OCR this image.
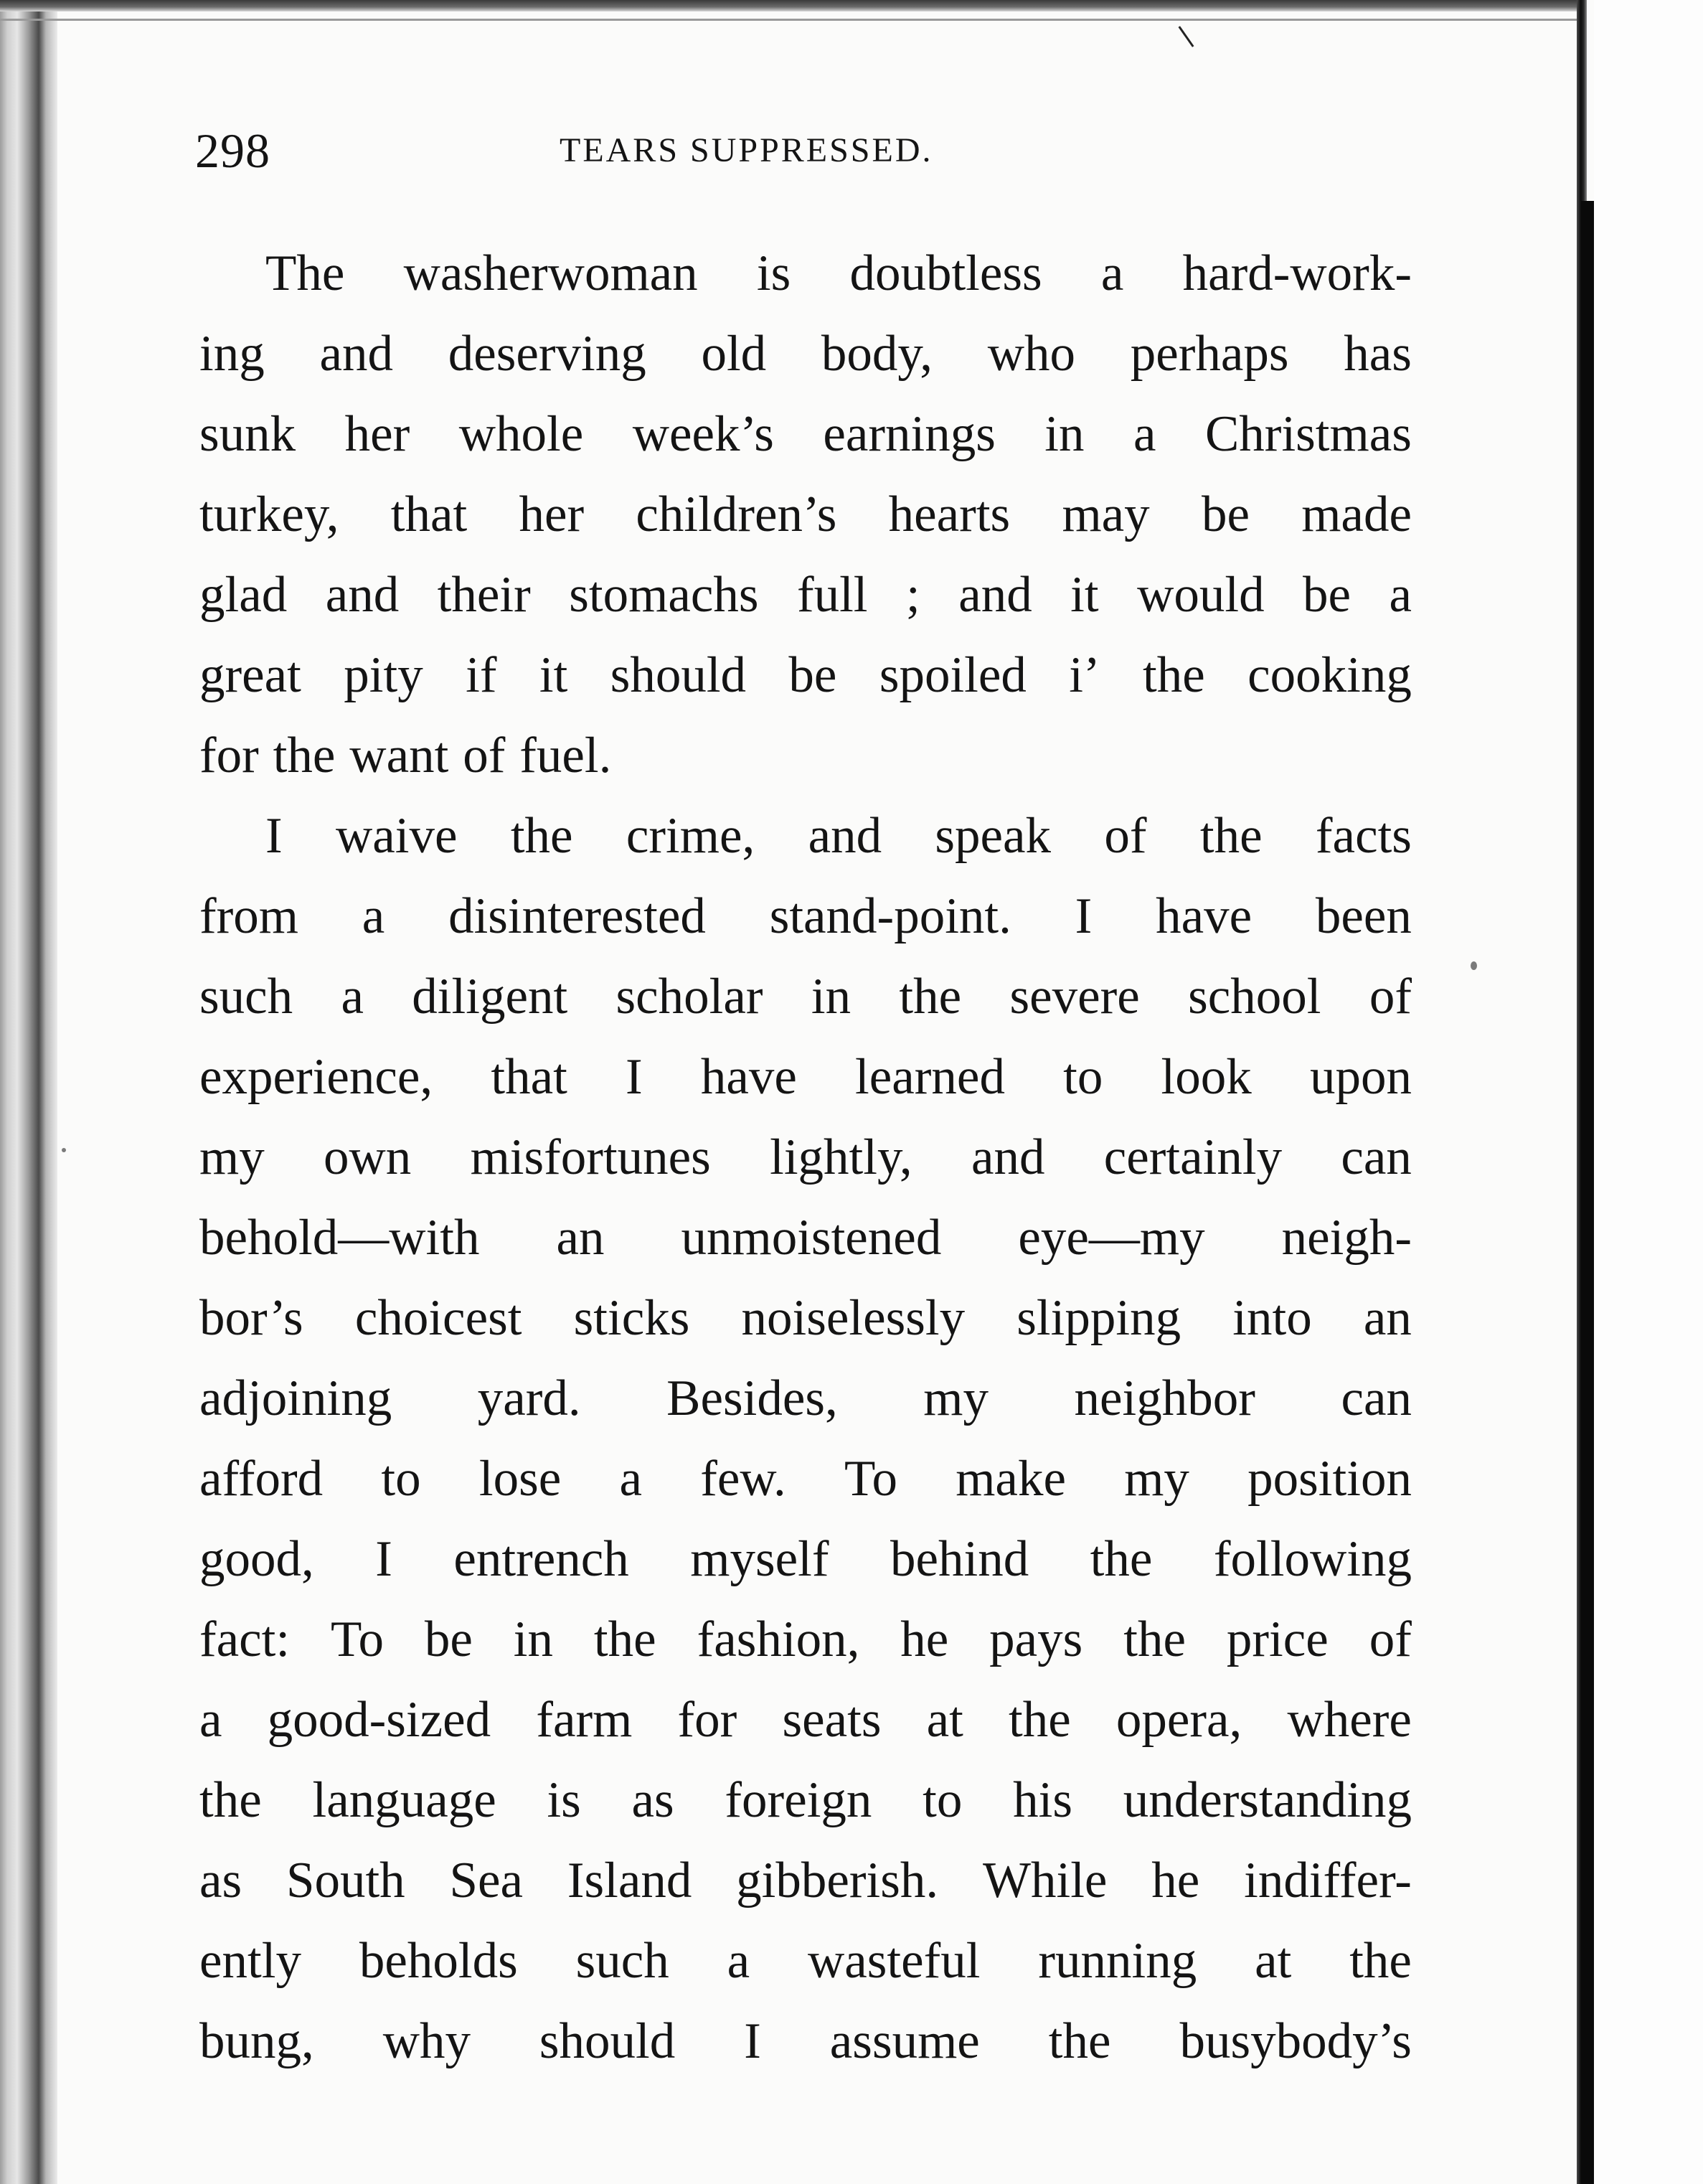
298	TEARS SUPPRESSED.
The washerwoman is doubtless a hard-work-
ing and deserving old body, who perhaps has
sunk her whole week’s earnings in a Christmas
turkey, that her children’s hearts may be made
glad and their stomachs full ; and it would be a
great pity if it should be spoiled i’ the cooking
for the want of fuel.
I waive the crime, and speak of the facts
from a disinterested stand-point. I have been
such a diligent scholar in the severe school of
experience, that I have learned to look upon
my own misfortunes lightly, and certainly can
behold—with an unmoistened eye—my neigh-
bor’s choicest sticks noiselessly slipping into an
adjoining yard. Besides, my neighbor can
afford to lose a few. To make my position
good, I entrench myself behind the following
fact: To be in the fashion, he pays the price of
a good-sized farm for seats at the opera, where
the language is as foreign to his understanding
as South Sea Island gibberish. While he indiffer-
ently beholds such a wasteful running at the
bung, why should I assume the busybody’s
